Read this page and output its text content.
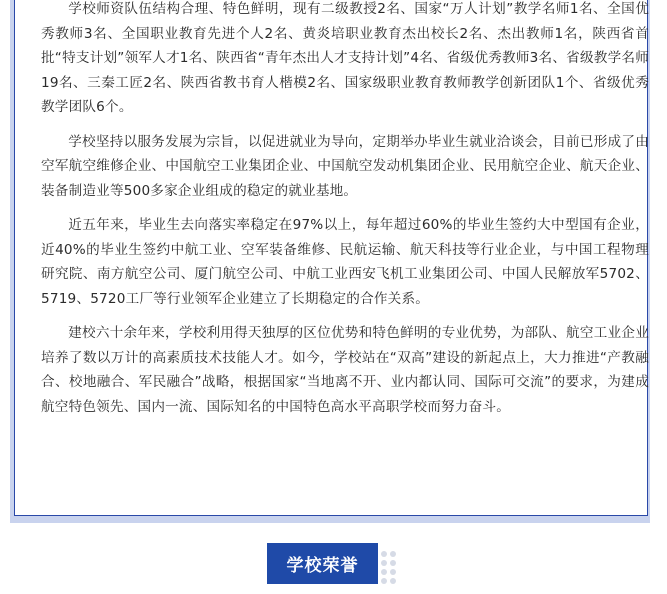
学校师资队伍结构合理、特色鲜明，现有二级教授2名、国家“万人计划”教学名师1名、全国优秀教师3名、全国职业教育先进个人2名、黄炎培职业教育杰出校长2名、杰出教师1名，陕西省首批“特支计划”领军人才1名、陕西省“青年杰出人才支持计划”4名、省级优秀教师3名、省级教学名师19名、三秦工匠2名、陕西省教书育人楷模2名、国家级职业教育教师教学创新团队1个、省级优秀教学团队6个。

学校坚持以服务发展为宗旨，以促进就业为导向，定期举办毕业生就业洽谈会，目前已形成了由空军航空维修企业、中国航空工业集团企业、中国航空发动机集团企业、民用航空企业、航天企业、装备制造业等500多家企业组成的稳定的就业基地。

近五年来，毕业生去向落实率稳定在97%以上，每年超过60%的毕业生签约大中型国有企业，近40%的毕业生签约中航工业、空军装备维修、民航运输、航天科技等行业企业，与中国工程物理研究院、南方航空公司、厦门航空公司、中航工业西安飞机工业集团公司、中国人民解放军5702、5719、5720工厂等行业领军企业建立了长期稳定的合作关系。

建校六十余年来，学校利用得天独厚的区位优势和特色鲜明的专业优势，为部队、航空工业企业培养了数以万计的高素质技术技能人才。如今，学校站在“双高”建设的新起点上，大力推进“产教融合、校地融合、军民融合”战略，根据国家“当地离不开、业内都认同、国际可交流”的要求，为建成航空特色领先、国内一流、国际知名的中国特色高水平高职学校而努力奋斗。

学校荣誉
